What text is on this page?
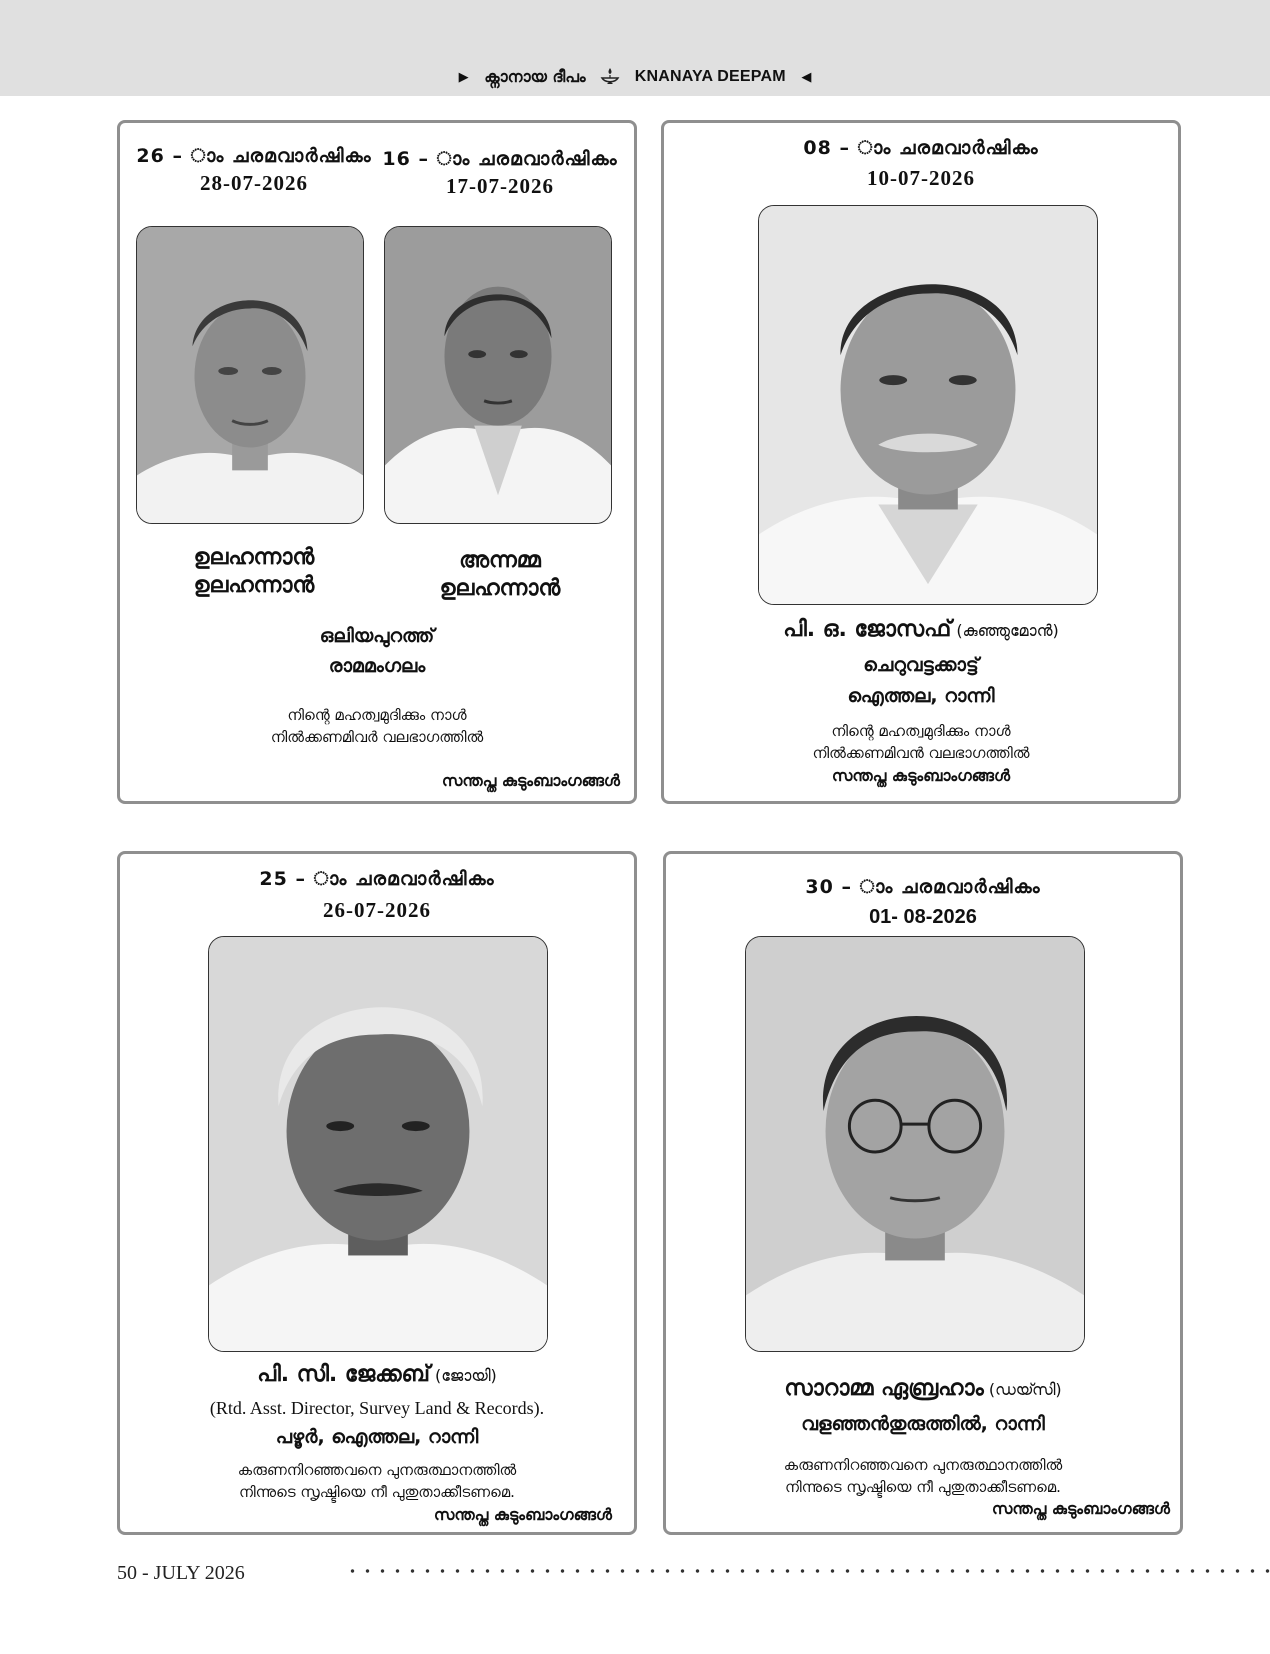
▶ ക്നാനായ ദീപം	KNANAYA DEEPAM ◀
26 – ാം ചരമവാർഷികം
28-07-2026
16 – ാം ചരമവാർഷികം
17-07-2026
ഉലഹന്നാൻ
ഉലഹന്നാൻ
അന്നമ്മ
ഉലഹന്നാൻ
ഒലിയപുറത്ത്
രാമമംഗലം
നിന്റെ മഹത്വമുദിക്കും നാൾ
നിൽക്കണമിവർ വലഭാഗത്തിൽ
സന്തപ്ത കുടുംബാംഗങ്ങൾ
08 – ാം ചരമവാർഷികം
10-07-2026
പി. ഒ. ജോസഫ് (കുഞ്ഞുമോൻ)
ചെറുവട്ടക്കാട്ട്
ഐത്തല, റാന്നി
നിന്റെ മഹത്വമുദിക്കും നാൾ
നിൽക്കണമിവൻ വലഭാഗത്തിൽ
സന്തപ്ത കുടുംബാംഗങ്ങൾ
25 – ാം ചരമവാർഷികം
26-07-2026
പി. സി. ജേക്കബ് (ജോയി)
(Rtd. Asst. Director, Survey Land & Records).
പഴൂർ, ഐത്തല, റാന്നി
കരുണനിറഞ്ഞവനെ പുനരുത്ഥാനത്തിൽ
നിന്നുടെ സൃഷ്ടിയെ നീ പുതുതാക്കീടണമെ.
സന്തപ്ത കുടുംബാംഗങ്ങൾ
30 – ാം ചരമവാർഷികം
01- 08-2026
സാറാമ്മ ഏബ്രഹാം (ഡയ്സി)
വളഞ്ഞൻതുരുത്തിൽ, റാന്നി
കരുണനിറഞ്ഞവനെ പുനരുത്ഥാനത്തിൽ
നിന്നുടെ സൃഷ്ടിയെ നീ പുതുതാക്കീടണമെ.
സന്തപ്ത കുടുംബാംഗങ്ങൾ
50 - JULY 2026
